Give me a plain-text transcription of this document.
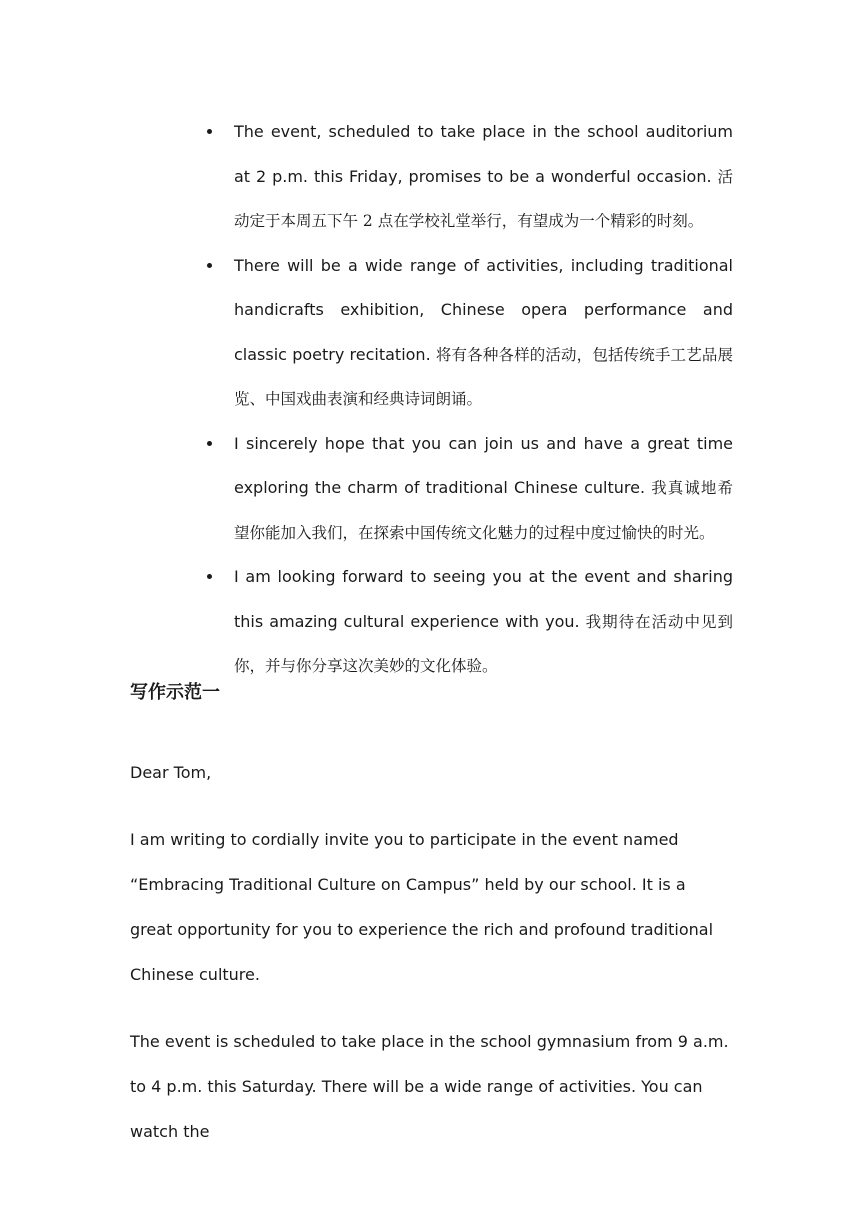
The event, scheduled to take place in the school auditorium at 2 p.m. this Friday, promises to be a wonderful occasion. 活动定于本周五下午 2 点在学校礼堂举行，有望成为一个精彩的时刻。
There will be a wide range of activities, including traditional handicrafts exhibition, Chinese opera performance and classic poetry recitation. 将有各种各样的活动，包括传统手工艺品展览、中国戏曲表演和经典诗词朗诵。
I sincerely hope that you can join us and have a great time exploring the charm of traditional Chinese culture. 我真诚地希望你能加入我们，在探索中国传统文化魅力的过程中度过愉快的时光。
I am looking forward to seeing you at the event and sharing this amazing cultural experience with you. 我期待在活动中见到你，并与你分享这次美妙的文化体验。
写作示范一

Dear Tom,

I am writing to cordially invite you to participate in the event named “Embracing Traditional Culture on Campus” held by our school. It is a great opportunity for you to experience the rich and profound traditional Chinese culture.

The event is scheduled to take place in the school gymnasium from 9 a.m. to 4 p.m. this Saturday. There will be a wide range of activities. You can watch the
